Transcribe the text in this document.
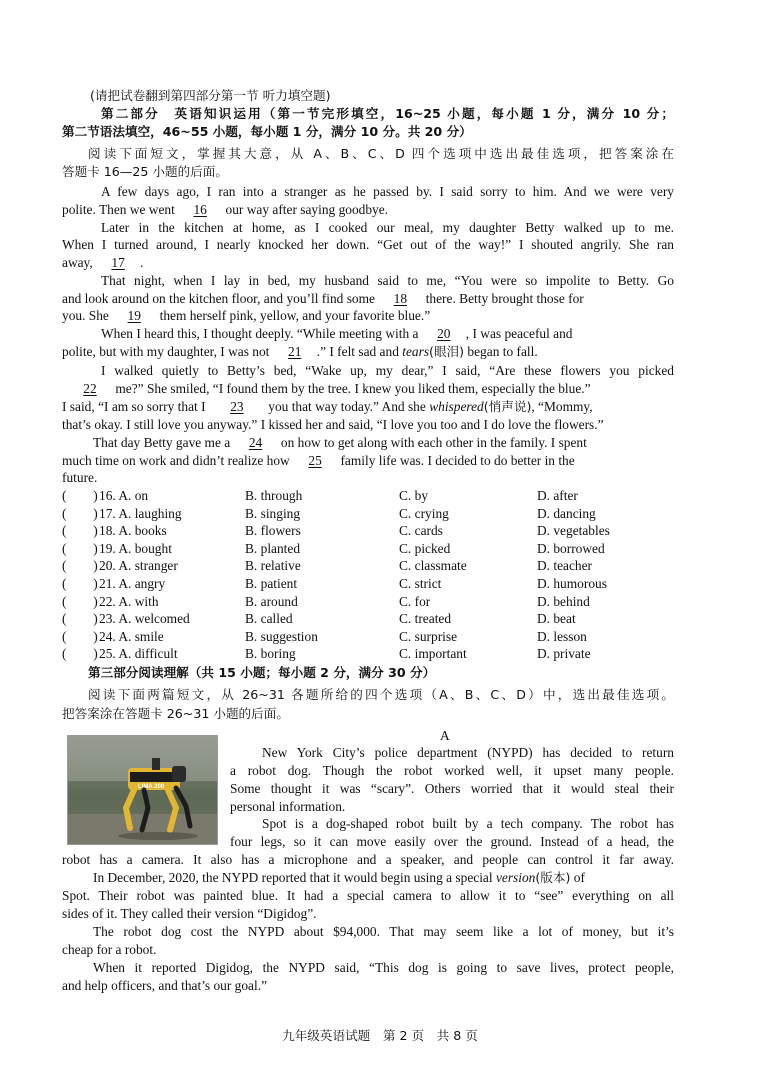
(请把试卷翻到第四部分第一节 听力填空题)
第二部分　英语知识运用（第一节完形填空，16~25 小题，每小题 1 分，满分 10 分；
第二节语法填空，46~55 小题，每小题 1 分，满分 10 分。共 20 分）
阅读下面短文，掌握其大意，从 A、B、C、D 四个选项中选出最佳选项，把答案涂在
答题卡 16—25 小题的后面。
A few days ago, I ran into a stranger as he passed by. I said sorry to him. And we were very
polite. Then we went 16 our way after saying goodbye.
Later in the kitchen at home, as I cooked our meal, my daughter Betty walked up to me.
When I turned around, I nearly knocked her down. “Get out of the way!” I shouted angrily. She ran
away, 17 .
That night, when I lay in bed, my husband said to me, “You were so impolite to Betty. Go
and look around on the kitchen floor, and you’ll find some 18 there. Betty brought those for
you. She 19 them herself pink, yellow, and your favorite blue.”
When I heard this, I thought deeply. “While meeting with a 20 , I was peaceful and
polite, but with my daughter, I was not 21 .” I felt sad and tears(眼泪) began to fall.
I walked quietly to Betty’s bed, “Wake up, my dear,” I said, “Are these flowers you picked
22 me?” She smiled, “I found them by the tree. I knew you liked them, especially the blue.”
I said, “I am so sorry that I 23 you that way today.” And she whispered(悄声说), “Mommy,
that’s okay. I still love you anyway.” I kissed her and said, “I love you too and I do love the flowers.”
That day Betty gave me a 24 on how to get along with each other in the family. I spent
much time on work and didn’t realize how 25 family life was. I decided to do better in the
future.
(　　) 16. A. on	B. through	C. by	D. after
(　　) 17. A. laughing	B. singing	C. crying	D. dancing
(　　) 18. A. books	B. flowers	C. cards	D. vegetables
(　　) 19. A. bought	B. planted	C. picked	D. borrowed
(　　) 20. A. stranger	B. relative	C. classmate	D. teacher
(　　) 21. A. angry	B. patient	C. strict	D. humorous
(　　) 22. A. with	B. around	C. for	D. behind
(　　) 23. A. welcomed	B. called	C. treated	D. beat
(　　) 24. A. smile	B. suggestion	C. surprise	D. lesson
(　　) 25. A. difficult	B. boring	C. important	D. private
第三部分阅读理解（共 15 小题；每小题 2 分，满分 30 分）
阅读下面两篇短文，从 26~31 各题所给的四个选项（A、B、C、D）中，选出最佳选项。
把答案涂在答题卡 26~31 小题的后面。
A
LIMA 200
New York City’s police department (NYPD) has decided to return
a robot dog. Though the robot worked well, it upset many people.
Some thought it was “scary”. Others worried that it would steal their
personal information.
Spot is a dog-shaped robot built by a tech company. The robot has
four legs, so it can move easily over the ground. Instead of a head, the
robot has a camera. It also has a microphone and a speaker, and people can control it far away.
In December, 2020, the NYPD reported that it would begin using a special version(版本) of
Spot. Their robot was painted blue. It had a special camera to allow it to “see” everything on all
sides of it. They called their version “Digidog”.
The robot dog cost the NYPD about $94,000. That may seem like a lot of money, but it’s
cheap for a robot.
When it reported Digidog, the NYPD said, “This dog is going to save lives, protect people,
and help officers, and that’s our goal.”
九年级英语试题　第 2 页　共 8 页
